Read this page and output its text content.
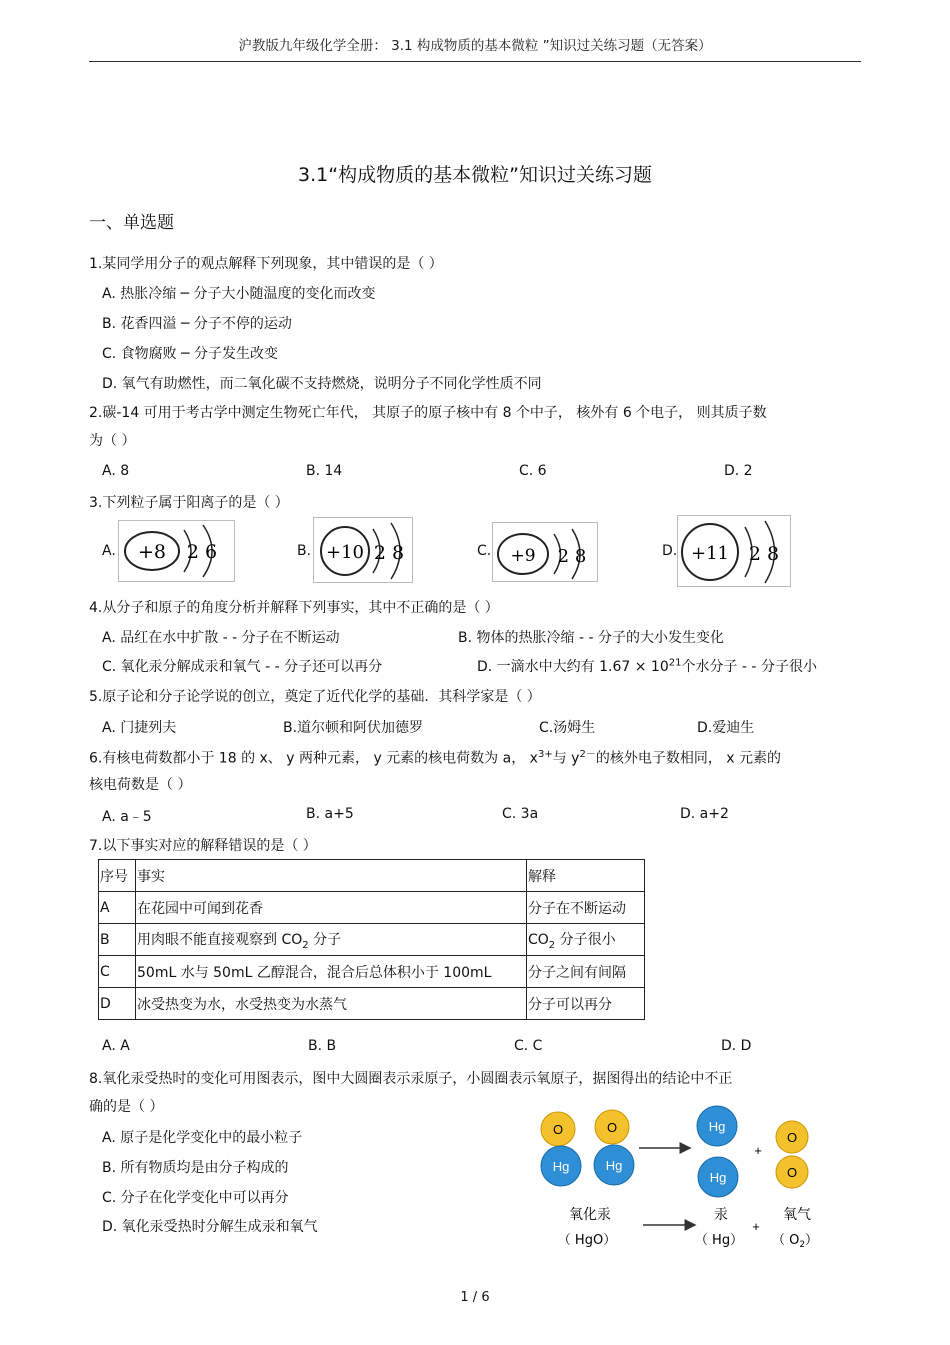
沪教版九年级化学全册： 3.1 构成物质的基本微粒 ”知识过关练习题（无答案）
3.1“构成物质的基本微粒”知识过关练习题
一、单选题
1.某同学用分子的观点解释下列现象，其中错误的是（ ）
A. 热胀冷缩 ─ 分子大小随温度的变化而改变
B. 花香四溢 ─ 分子不停的运动
C. 食物腐败 ─ 分子发生改变
D. 氧气有助燃性，而二氧化碳不支持燃烧，说明分子不同化学性质不同
2.碳-14 可用于考古学中测定生物死亡年代， 其原子的原子核中有 8 个中子， 核外有 6 个电子， 则其质子数
为（ ）
A. 8	B. 14	C. 6	D. 2
3.下列粒子属于阳离子的是（ ）
A. +8 2 6	B. +10 2 8	C. +9 2 8	D. +11 2 8
4.从分子和原子的角度分析并解释下列事实，其中不正确的是（ ）
A. 品红在水中扩散 - - 分子在不断运动	B. 物体的热胀冷缩 - - 分子的大小发生变化
C. 氧化汞分解成汞和氧气 - - 分子还可以再分	D. 一滴水中大约有 $1.67 \times 10^{21}$个水分子 - - 分子很小
5.原子论和分子论学说的创立，奠定了近代化学的基础．其科学家是（ ）
A. 门捷列夫	B.道尔顿和阿伏加德罗	C.汤姆生	D.爱迪生
6.有核电荷数都小于 18 的 x、 y 两种元素， y 元素的核电荷数为 a， $x^{3+}$与 $y^{2-}$的核外电子数相同， x 元素的
核电荷数是（ ）
A. a﹣5	B. a+5	C. 3a	D. a+2
7.以下事实对应的解释错误的是（ ）
序号	事实	解释
A	在花园中可闻到花香	分子在不断运动
B	用肉眼不能直接观察到 $CO_2$ 分子	$CO_2$ 分子很小
C	50mL 水与 50mL 乙醇混合，混合后总体积小于 100mL	分子之间有间隔
D	冰受热变为水，水受热变为水蒸气	分子可以再分
A. A	B. B	C. C	D. D
8.氧化汞受热时的变化可用图表示，图中大圆圈表示汞原子，小圆圈表示氧原子，据图得出的结论中不正
确的是（ ）
A. 原子是化学变化中的最小粒子
B. 所有物质均是由分子构成的
C. 分子在化学变化中可以再分
D. 氧化汞受热时分解生成汞和氧气
O
Hg
O
Hg
Hg
Hg
+
O
O
氧化汞	汞
+
氧气
（ HgO）	（ Hg） （ $O_2$）
1 / 6
